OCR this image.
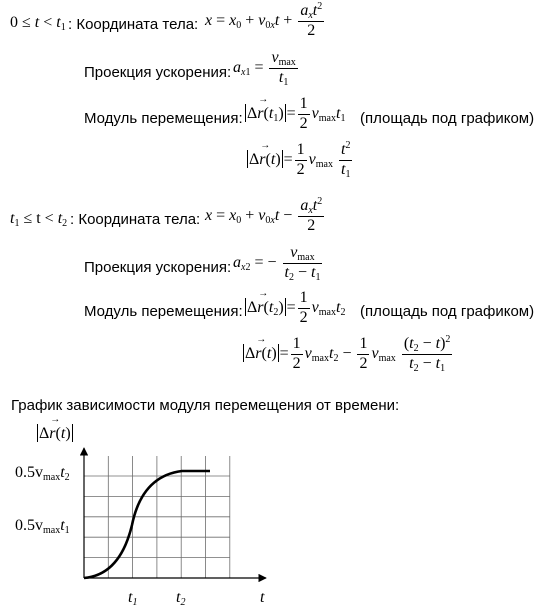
$0 \le t < t_1$ : Координата тела: $x = x_0 + v_{0x}t + \frac{a_xt^2}{2}$
Проекция ускорения: $a_{x1} = \frac{v_{max}}{t_1}$
Модуль перемещения: $\Delta\to r(t_1) = \frac{1}{2} v_{max}t_1$ (площадь под графиком)
$\Delta\to r(t) = \frac{1}{2} v_{max} \frac{t^2}{t_1}$
$t_1 \le t < t_2$ : Координата тела: $x = x_0 + v_{0x}t - \frac{a_xt^2}{2}$
Проекция ускорения: $a_{x2}$ = − $\frac{v_{max}}{t_2 - t_1}$
Модуль перемещения: $\Delta\to r(t_2) = \frac{1}{2} v_{max}t_2$ (площадь под графиком)
$\Delta\to r(t) = \frac{1}{2} v_{max}t_2 - \frac{1}{2} v_{max} \frac{(t_2 - t)^2}{t_2 - t_1}$
График зависимости модуля перемещения от времени:
Δ→ r(t)
0.5vmaxt2
0.5vmaxt1
t1 t2	t
